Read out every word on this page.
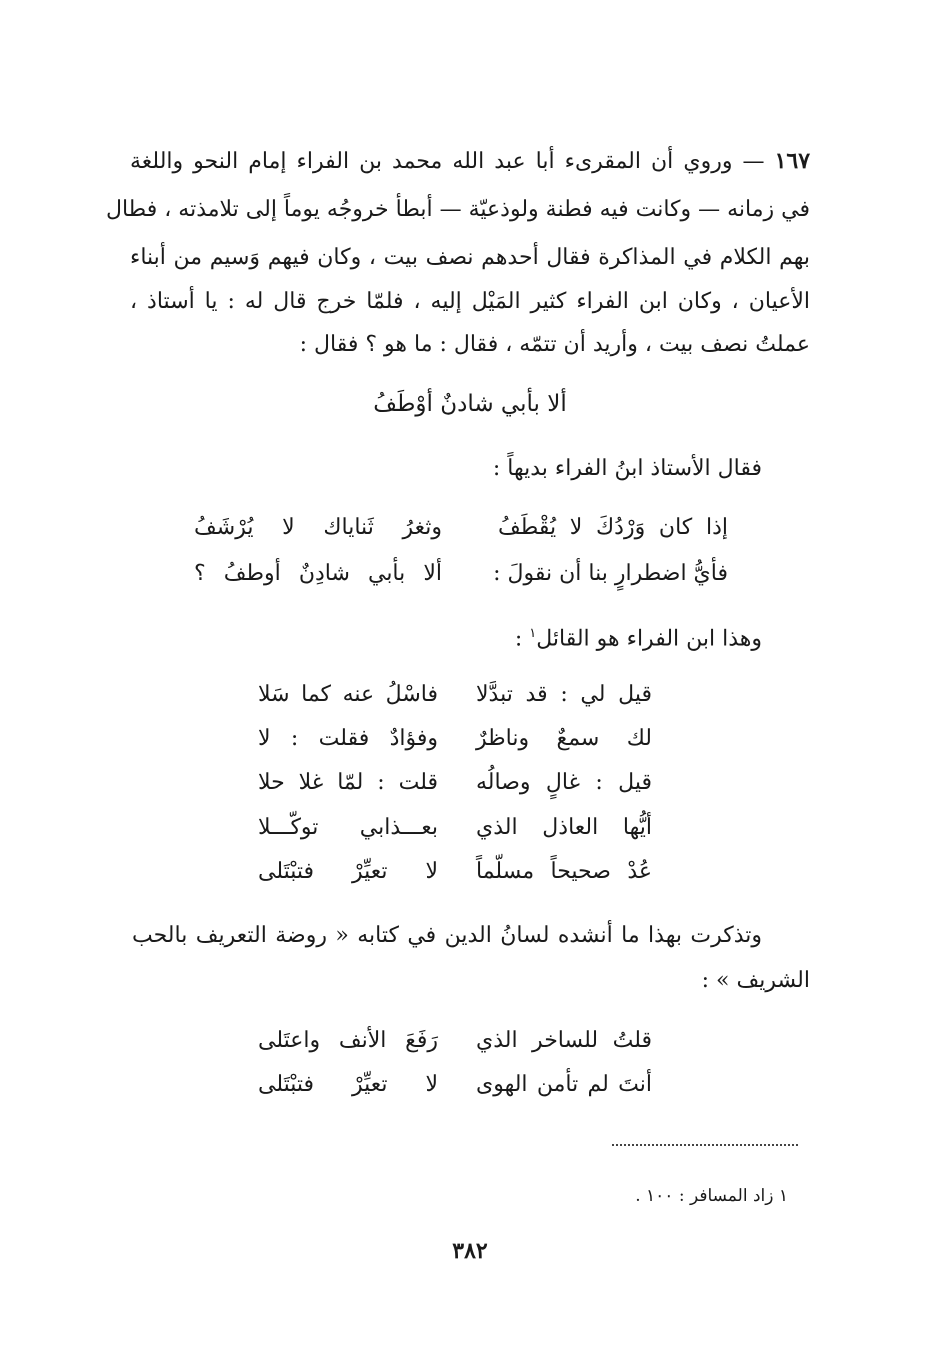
١٦٧ — وروي أن المقرىء أبا عبد الله محمد بن الفراء إمام النحو واللغة
في زمانه — وكانت فيه فطنة ولوذعيّة — أبطأ خروجُه يوماً إلى تلامذته ، فطال
بهم الكلام في المذاكرة فقال أحدهم نصف بيت ، وكان فيهم وَسيم من أبناء
الأعيان ، وكان ابن الفراء كثير المَيْل إليه ، فلمّا خرج قال له : يا أستاذ ،
عملتُ نصف بيت ، وأريد أن تتمّه ، فقال : ما هو ؟ فقال :
ألا بأبي شادنٌ أوْطَفُ
فقال الأستاذ ابنُ الفراء بديهاً :
إذا كان وَرْدُكَ لا يُقْطَفُ
وثغرُ ثَناياك لا يُرْشَفُ
فأيُّ اضطرارٍ بنا أن نقولَ :
ألا بأبي شادِنٌ أوطفُ ؟
وهذا ابن الفراء هو القائل$^١$ :
قيل لي : قد تبدَّلا
فاسْلُ عنه كما سَلا
لك سمعٌ وناظرٌ
وفؤادٌ فقلت : لا
قيل : غالٍ وصالُه
قلت : لمّا غلا حلا
أيُّها العاذل الذي
بعـــذابي توكّـــلا
عُدْ صحيحاً مسلّماً
لا تعيِّرْ فتبْتَلى
وتذكرت بهذا ما أنشده لسانُ الدين في كتابه « روضة التعريف بالحب
الشريف » :
قلتُ للساخر الذي
رَفَعَ الأنف واعتَلى
أنتَ لم تأمن الهوى
لا تعيِّرْ فتبْتَلى
١ زاد المسافر : ١٠٠ .
٣٨٢
